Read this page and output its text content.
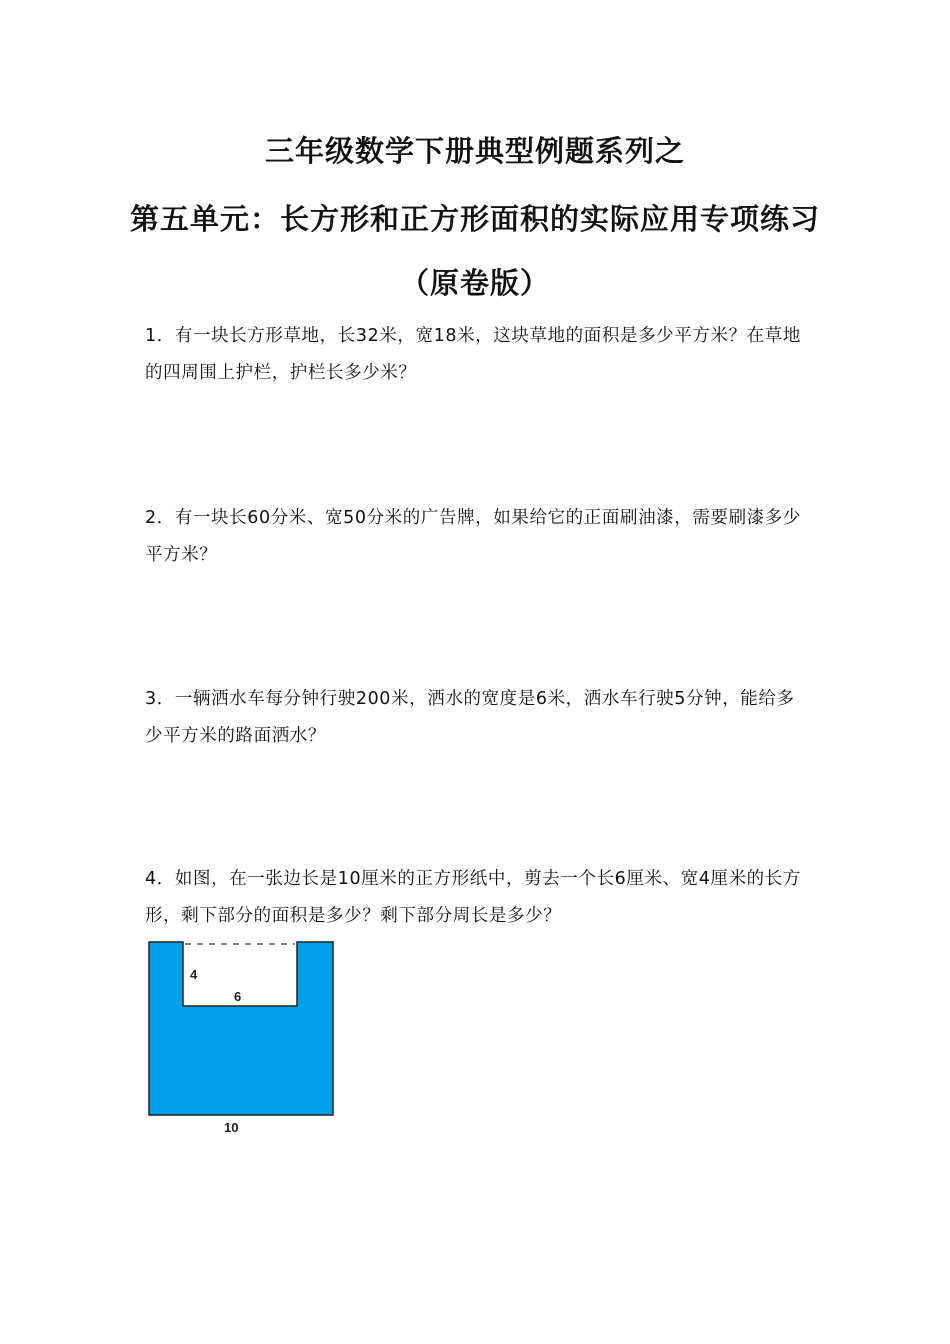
三年级数学下册典型例题系列之
第五单元：长方形和正方形面积的实际应用专项练习
（原卷版）
1．有一块长方形草地，长32米，宽18米，这块草地的面积是多少平方米？在草地的四周围上护栏，护栏长多少米？
2．有一块长60分米、宽50分米的广告牌，如果给它的正面刷油漆，需要刷漆多少平方米？
3．一辆洒水车每分钟行驶200米，洒水的宽度是6米，洒水车行驶5分钟，能给多少平方米的路面洒水？
4．如图，在一张边长是10厘米的正方形纸中，剪去一个长6厘米、宽4厘米的长方形，剩下部分的面积是多少？剩下部分周长是多少？
4
6
10
